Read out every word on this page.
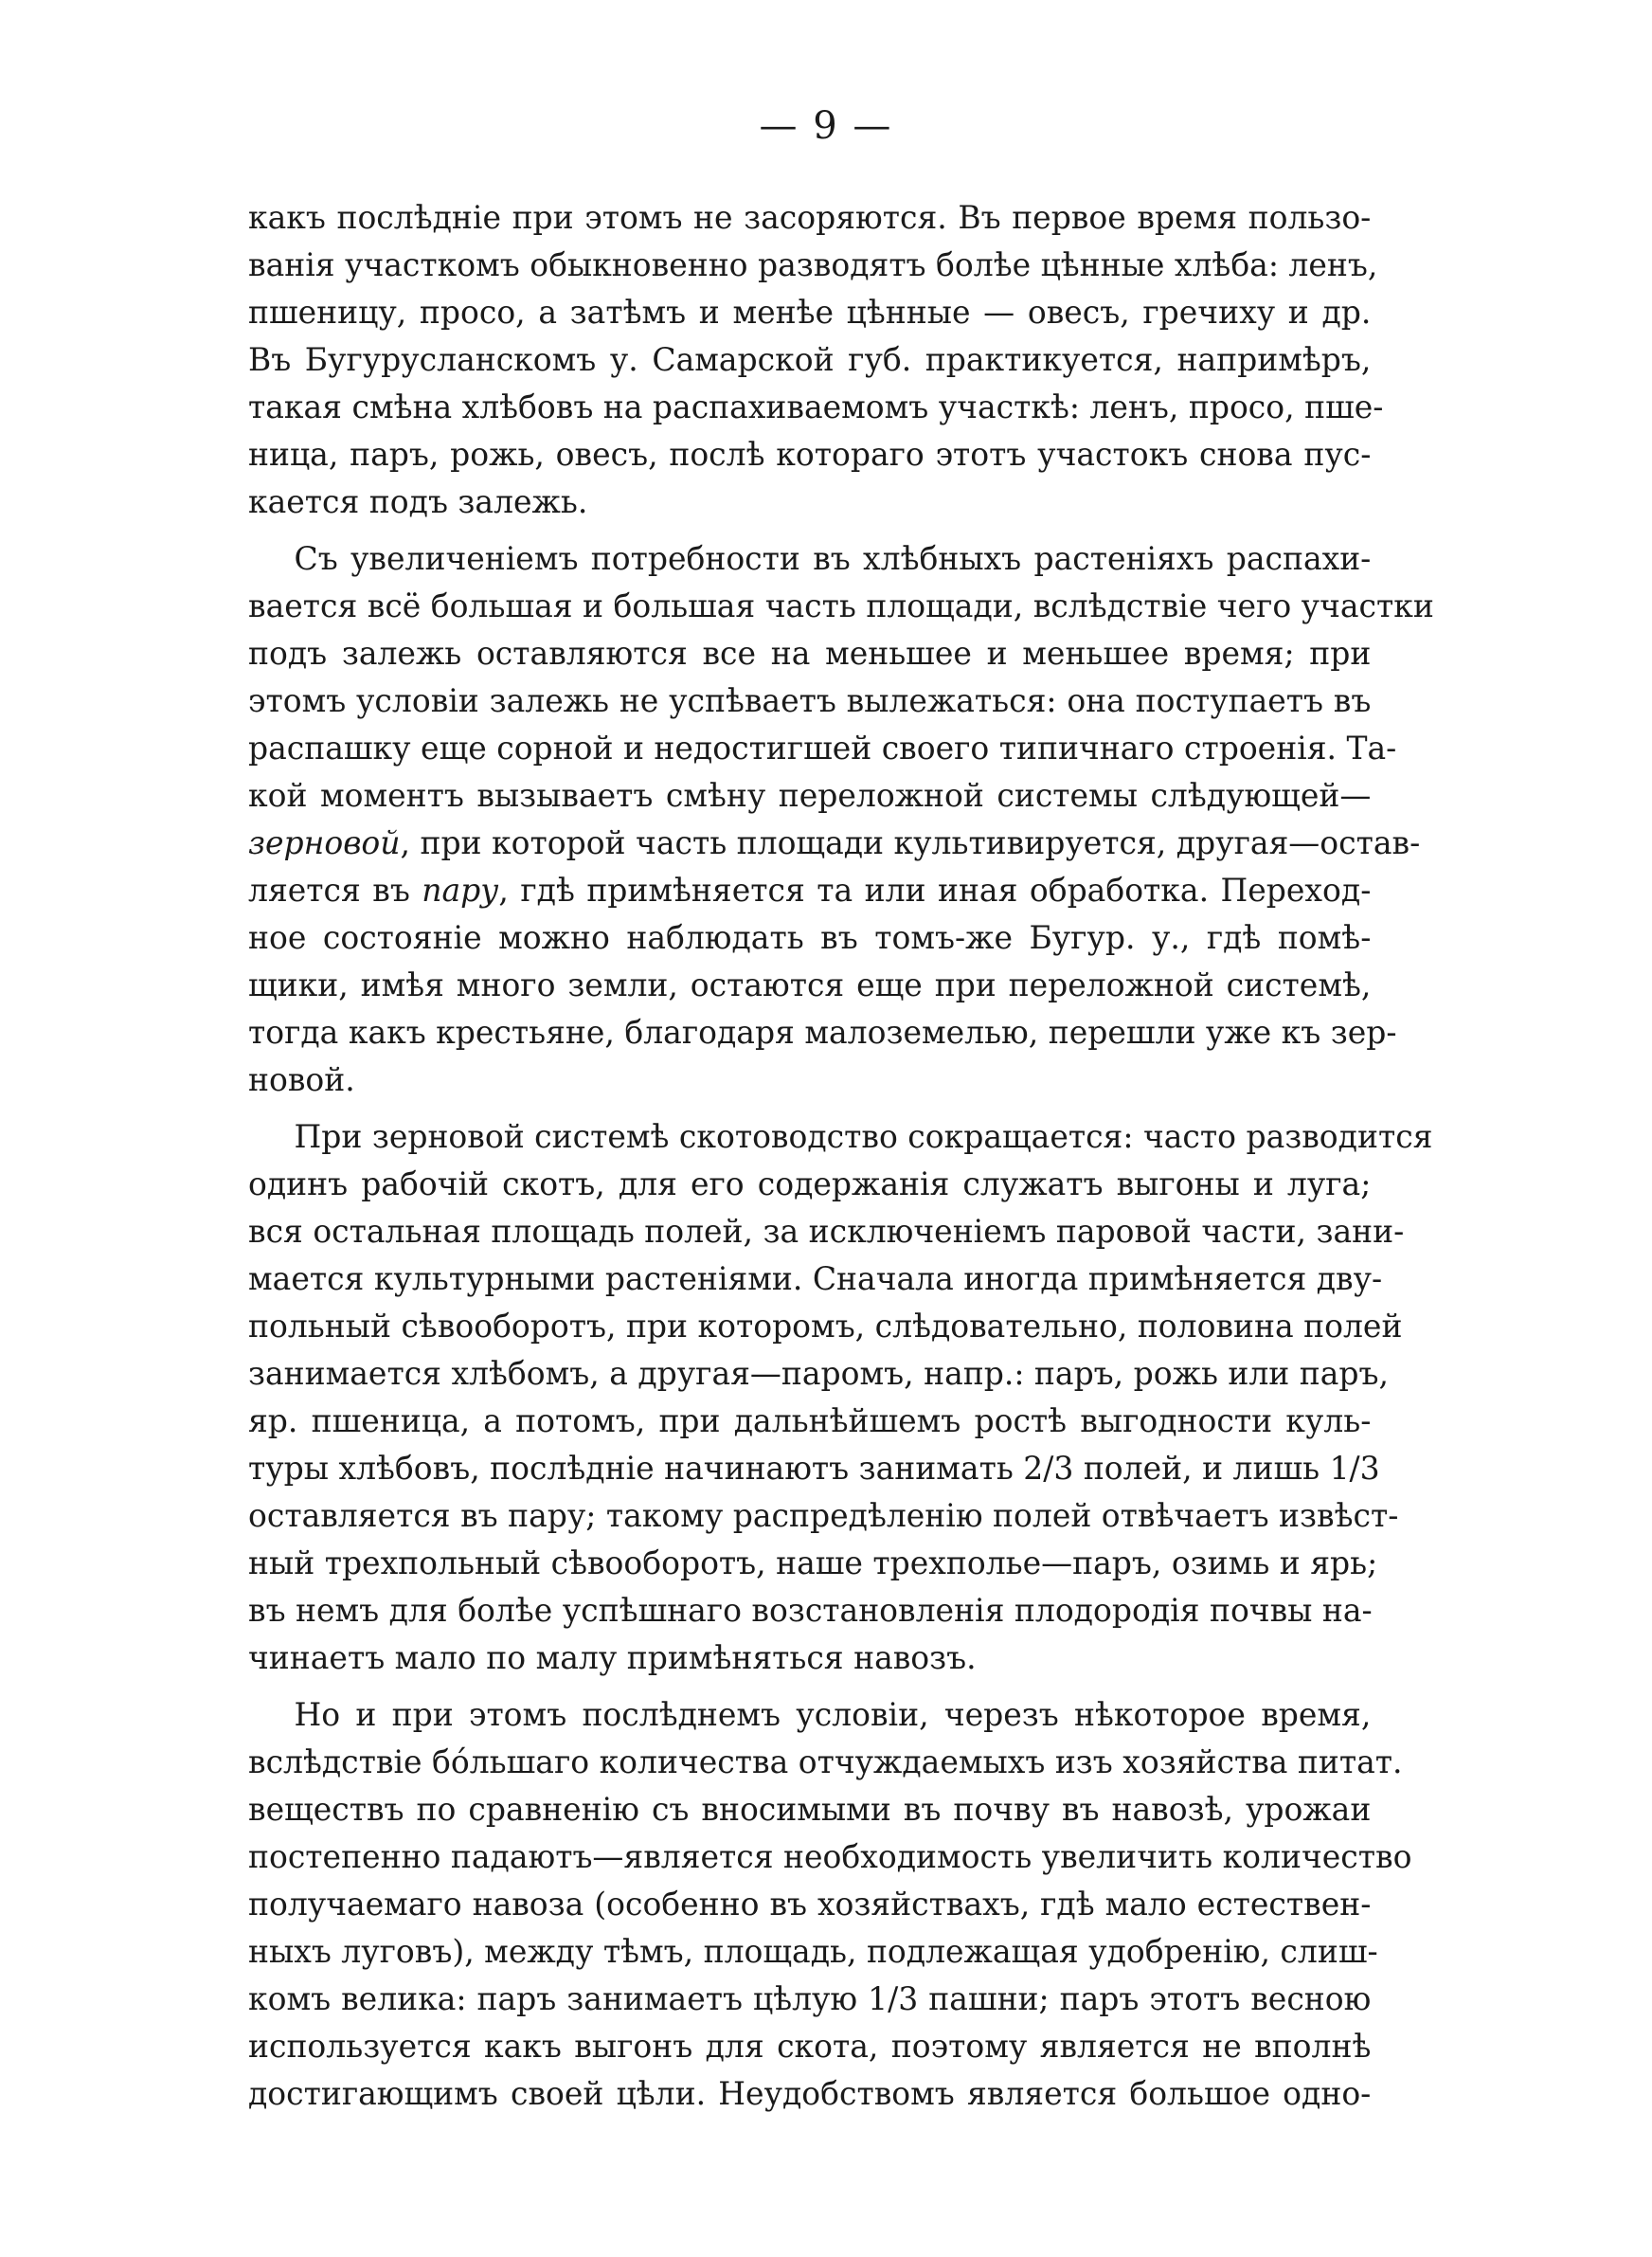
— 9 —
какъ послѣдніе при этомъ не засоряются. Въ первое время пользо-
ванія участкомъ обыкновенно разводятъ болѣе цѣнные хлѣба: ленъ,
пшеницу, просо, а затѣмъ и менѣе цѣнные — овесъ, гречиху и др.
Въ Бугурусланскомъ у. Самарской губ. практикуется, напримѣръ,
такая смѣна хлѣбовъ на распахиваемомъ участкѣ: ленъ, просо, пше-
ница, паръ, рожь, овесъ, послѣ котораго этотъ участокъ снова пус-
кается подъ залежь.
Съ увеличеніемъ потребности въ хлѣбныхъ растеніяхъ распахи-
вается всё большая и большая часть площади, вслѣдствіе чего участки
подъ залежь оставляются все на меньшее и меньшее время; при
этомъ условіи залежь не успѣваетъ вылежаться: она поступаетъ въ
распашку еще сорной и недостигшей своего типичнаго строенія. Та-
кой моментъ вызываетъ смѣну переложной системы слѣдующей—
зерновой, при которой часть площади культивируется, другая—остав-
ляется въ пару, гдѣ примѣняется та или иная обработка. Переход-
ное состояніе можно наблюдать въ томъ-же Бугур. у., гдѣ помѣ-
щики, имѣя много земли, остаются еще при переложной системѣ,
тогда какъ крестьяне, благодаря малоземелью, перешли уже къ зер-
новой.
При зерновой системѣ скотоводство сокращается: часто разводится
одинъ рабочій скотъ, для его содержанія служатъ выгоны и луга;
вся остальная площадь полей, за исключеніемъ паровой части, зани-
мается культурными растеніями. Сначала иногда примѣняется дву-
польный сѣвооборотъ, при которомъ, слѣдовательно, половина полей
занимается хлѣбомъ, а другая—паромъ, напр.: паръ, рожь или паръ,
яр. пшеница, а потомъ, при дальнѣйшемъ ростѣ выгодности куль-
туры хлѣбовъ, послѣдніе начинаютъ занимать 2/3 полей, и лишь 1/3
оставляется въ пару; такому распредѣленію полей отвѣчаетъ извѣст-
ный трехпольный сѣвооборотъ, наше трехполье—паръ, озимь и ярь;
въ немъ для болѣе успѣшнаго возстановленія плодородія почвы на-
чинаетъ мало по малу примѣняться навозъ.
Но и при этомъ послѣднемъ условіи, черезъ нѣкоторое время,
вслѣдствіе бо́льшаго количества отчуждаемыхъ изъ хозяйства питат.
веществъ по сравненію съ вносимыми въ почву въ навозѣ, урожаи
постепенно падаютъ—является необходимость увеличить количество
получаемаго навоза (особенно въ хозяйствахъ, гдѣ мало естествен-
ныхъ луговъ), между тѣмъ, площадь, подлежащая удобренію, слиш-
комъ велика: паръ занимаетъ цѣлую 1/3 пашни; паръ этотъ весною
используется какъ выгонъ для скота, поэтому является не вполнѣ
достигающимъ своей цѣли. Неудобствомъ является большое одно-
